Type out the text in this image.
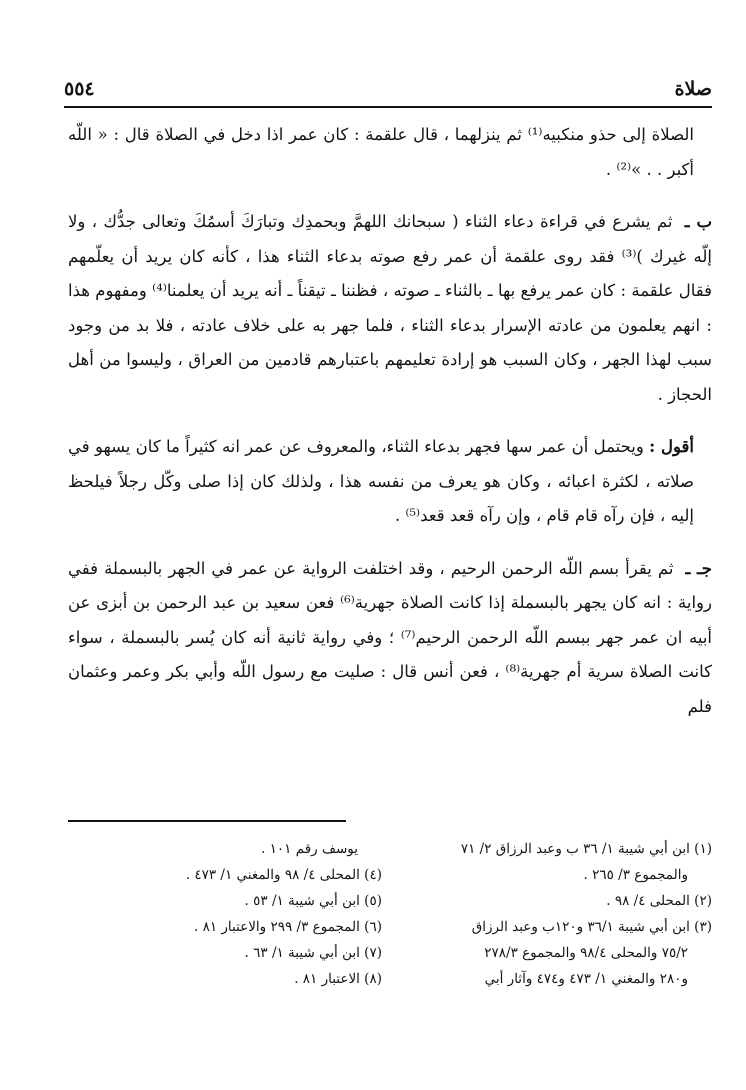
صلاة
٥٥٤

الصلاة إلى حذو منكبيه⁽¹⁾ ثم ينزلهما ، قال علقمة : كان عمر اذا دخل في الصلاة قال : « اللّه أكبر . . »⁽²⁾ .

ب ـ ثم يشرع في قراءة دعاء الثناء ( سبحانك اللهمَّ وبحمدِك وتبارَكَ أسمُكَ وتعالى جدُّك ، ولا إلّه غيرك )⁽³⁾ فقد روى علقمة أن عمر رفع صوته بدعاء الثناء هذا ، كأنه كان يريد أن يعلّمهم فقال علقمة : كان عمر يرفع بها ـ بالثناء ـ صوته ، فظننا ـ تيقناً ـ أنه يريد أن يعلمنا⁽⁴⁾ ومفهوم هذا : انهم يعلمون من عادته الإسرار بدعاء الثناء ، فلما جهر به على خلاف عادته ، فلا بد من وجود سبب لهذا الجهر ، وكان السبب هو إرادة تعليمهم باعتبارهم قادمين من العراق ، وليسوا من أهل الحجاز .

أقول : ويحتمل أن عمر سها فجهر بدعاء الثناء، والمعروف عن عمر انه كثيراً ما كان يسهو في صلاته ، لكثرة اعبائه ، وكان هو يعرف من نفسه هذا ، ولذلك كان إذا صلى وكّل رجلاً فيلحظ إليه ، فإن رآه قام قام ، وإن رآه قعد قعد⁽⁵⁾ .

جـ ـ ثم يقرأ بسم اللّه الرحمن الرحيم ، وقد اختلفت الرواية عن عمر في الجهر بالبسملة ففي رواية : انه كان يجهر بالبسملة إذا كانت الصلاة جهرية⁽⁶⁾ فعن سعيد بن عبد الرحمن بن أبزى عن أبيه ان عمر جهر ببسم اللّه الرحمن الرحيم⁽⁷⁾ ؛ وفي رواية ثانية أنه كان يُسر بالبسملة ، سواء كانت الصلاة سرية أم جهرية⁽⁸⁾ ، فعن أنس قال : صليت مع رسول اللّه وأبي بكر وعمر وعثمان فلم

(١) ابن أبي شيبة ١/ ٣٦ ب وعبد الرزاق ٢/ ٧١
والمجموع ٣/ ٢٦٥ .
(٢) المحلى ٤/ ٩٨ .
(٣) ابن أبي شيبة ٣٦/١ و١٢٠ب وعبد الرزاق
٧٥/٢ والمحلى ٩٨/٤ والمجموع ٢٧٨/٣
و٢٨٠ والمغني ١/ ٤٧٣ و٤٧٤ وآثار أبي
يوسف رقم ١٠١ .
(٤) المحلى ٤/ ٩٨ والمغني ١/ ٤٧٣ .
(٥) ابن أبي شيبة ١/ ٥٣ .
(٦) المجموع ٣/ ٢٩٩ والاعتبار ٨١ .
(٧) ابن أبي شيبة ١/ ٦٣ .
(٨) الاعتبار ٨١ .
